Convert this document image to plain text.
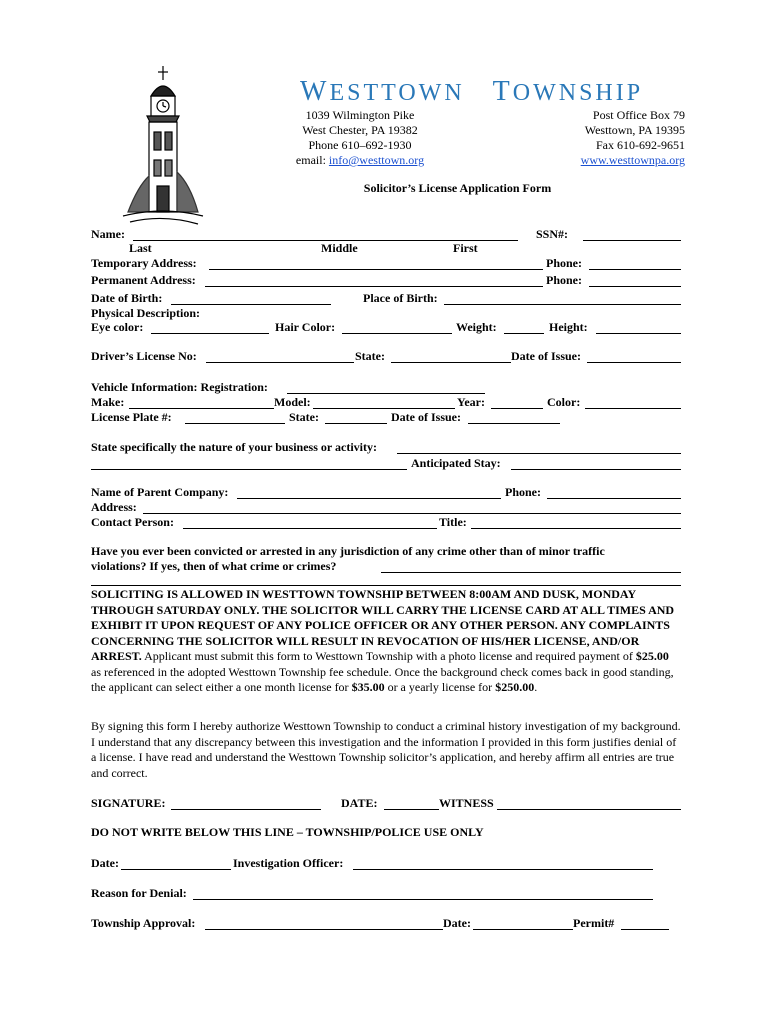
WESTTOWN TOWNSHIP
1039 Wilmington Pike
West Chester, PA 19382
Phone 610–692-1930
email: info@westtown.org
Post Office Box 79
Westtown, PA 19395
Fax 610-692-9651
www.westtownpa.org
Solicitor’s License Application Form
Name:	SSN#:
Last	Middle	First
Temporary Address:	Phone:
Permanent Address:	Phone:
Date of Birth:	Place of Birth:
Physical Description:
Eye color:	Hair Color:	Weight:	Height:
Driver’s License No:	State:	Date of Issue:
Vehicle Information: Registration:
Make:	Model:	Year:	Color:
License Plate #:	State:	Date of Issue:
State specifically the nature of your business or activity:
Anticipated Stay:
Name of Parent Company:	Phone:
Address:
Contact Person:	Title:
Have you ever been convicted or arrested in any jurisdiction of any crime other than of minor traffic
violations? If yes, then of what crime or crimes?
SOLICITING IS ALLOWED IN WESTTOWN TOWNSHIP BETWEEN 8:00AM AND DUSK, MONDAY THROUGH SATURDAY ONLY. THE SOLICITOR WILL CARRY THE LICENSE CARD AT ALL TIMES AND EXHIBIT IT UPON REQUEST OF ANY POLICE OFFICER OR ANY OTHER PERSON. ANY COMPLAINTS CONCERNING THE SOLICITOR WILL RESULT IN REVOCATION OF HIS/HER LICENSE, AND/OR ARREST. Applicant must submit this form to Westtown Township with a photo license and required payment of $25.00 as referenced in the adopted Westtown Township fee schedule. Once the background check comes back in good standing, the applicant can select either a one month license for $35.00 or a yearly license for $250.00.
By signing this form I hereby authorize Westtown Township to conduct a criminal history investigation of my background. I understand that any discrepancy between this investigation and the information I provided in this form justifies denial of a license. I have read and understand the Westtown Township solicitor’s application, and hereby affirm all entries are true and correct.
SIGNATURE:	DATE:	WITNESS
DO NOT WRITE BELOW THIS LINE – TOWNSHIP/POLICE USE ONLY
Date:	Investigation Officer:
Reason for Denial:
Township Approval:	Date:	Permit#
